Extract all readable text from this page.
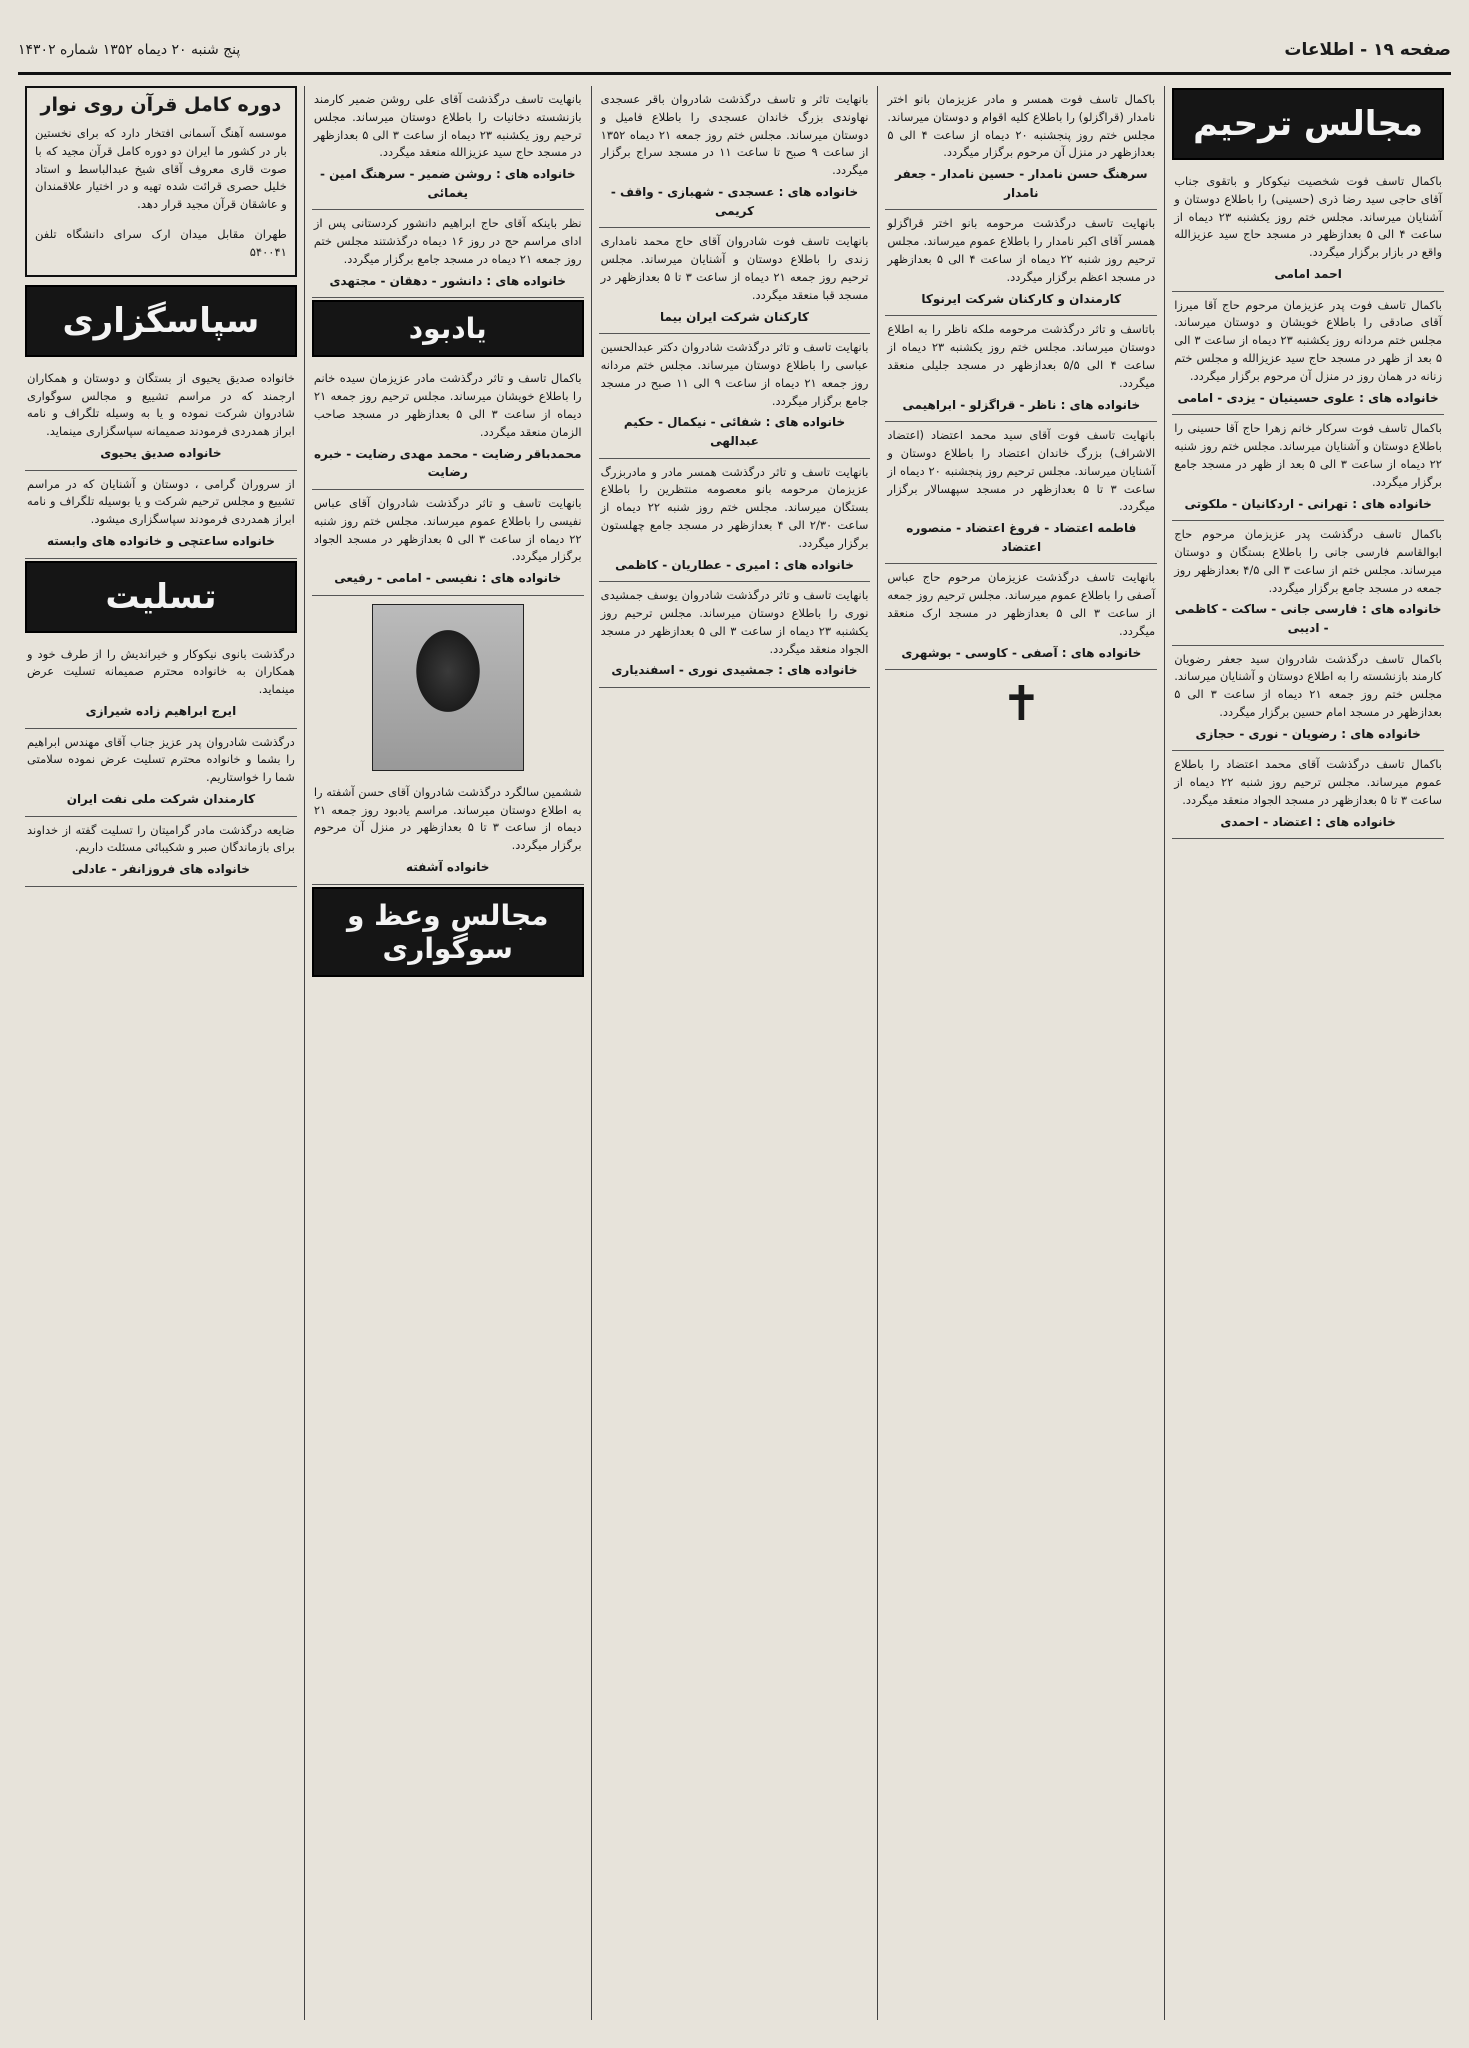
صفحه ۱۹ - اطلاعات
پنج شنبه ۲۰ دیماه ۱۳۵۲ شماره ۱۴۳۰۲
مجالس ترحیم
باکمال تاسف فوت شخصیت نیکوکار و باتقوی جناب آقای حاجی سید رضا ذری (حسینی) را باطلاع دوستان و آشنایان میرساند. مجلس ختم روز یکشنبه ۲۳ دیماه از ساعت ۴ الی ۵ بعدازظهر در مسجد حاج سید عزیزالله واقع در بازار برگزار میگردد.
احمد امامی
باکمال تاسف فوت پدر عزیزمان مرحوم حاج آقا میرزا آقای صادقی را باطلاع خویشان و دوستان میرساند. مجلس ختم مردانه روز یکشنبه ۲۳ دیماه از ساعت ۳ الی ۵ بعد از ظهر در مسجد حاج سید عزیزالله و مجلس ختم زنانه در همان روز در منزل آن مرحوم برگزار میگردد.
خانواده های : علوی حسینیان - یزدی - امامی
باکمال تاسف فوت سرکار خانم زهرا حاج آقا حسینی را باطلاع دوستان و آشنایان میرساند. مجلس ختم روز شنبه ۲۲ دیماه از ساعت ۳ الی ۵ بعد از ظهر در مسجد جامع برگزار میگردد.
خانواده های : تهرانی - اردکانیان - ملکوتی
باکمال تاسف درگذشت پدر عزیزمان مرحوم حاج ابوالقاسم فارسی جانی را باطلاع بستگان و دوستان میرساند. مجلس ختم از ساعت ۳ الی ۴/۵ بعدازظهر روز جمعه در مسجد جامع برگزار میگردد.
خانواده های : فارسی جانی - ساکت - کاظمی - ادیبی
باکمال تاسف درگذشت شادروان سید جعفر رضویان کارمند بازنشسته را به اطلاع دوستان و آشنایان میرساند. مجلس ختم روز جمعه ۲۱ دیماه از ساعت ۳ الی ۵ بعدازظهر در مسجد امام حسین برگزار میگردد.
خانواده های : رضویان - نوری - حجازی
باکمال تاسف درگذشت آقای محمد اعتضاد را باطلاع عموم میرساند. مجلس ترحیم روز شنبه ۲۲ دیماه از ساعت ۳ تا ۵ بعدازظهر در مسجد الجواد منعقد میگردد.
خانواده های : اعتضاد - احمدی
باکمال تاسف فوت همسر و مادر عزیزمان بانو اختر نامدار (قراگزلو) را باطلاع کلیه اقوام و دوستان میرساند. مجلس ختم روز پنجشنبه ۲۰ دیماه از ساعت ۴ الی ۵ بعدازظهر در منزل آن مرحوم برگزار میگردد.
سرهنگ حسن نامدار - حسین نامدار - جعفر نامدار
بانهایت تاسف درگذشت مرحومه بانو اختر قراگزلو همسر آقای اکبر نامدار را باطلاع عموم میرساند. مجلس ترحیم روز شنبه ۲۲ دیماه از ساعت ۴ الی ۵ بعدازظهر در مسجد اعظم برگزار میگردد.
کارمندان و کارکنان شرکت ایرنوکا
باتاسف و تاثر درگذشت مرحومه ملکه ناظر را به اطلاع دوستان میرساند. مجلس ختم روز یکشنبه ۲۳ دیماه از ساعت ۴ الی ۵/۵ بعدازظهر در مسجد جلیلی منعقد میگردد.
خانواده های : ناظر - قراگزلو - ابراهیمی
بانهایت تاسف فوت آقای سید محمد اعتضاد (اعتضاد الاشراف) بزرگ خاندان اعتضاد را باطلاع دوستان و آشنایان میرساند. مجلس ترحیم روز پنجشنبه ۲۰ دیماه از ساعت ۳ تا ۵ بعدازظهر در مسجد سپهسالار برگزار میگردد.
فاطمه اعتضاد - فروغ اعتضاد - منصوره اعتضاد
بانهایت تاسف درگذشت عزیزمان مرحوم حاج عباس آصفی را باطلاع عموم میرساند. مجلس ترحیم روز جمعه از ساعت ۳ الی ۵ بعدازظهر در مسجد ارک منعقد میگردد.
خانواده های : آصفی - کاوسی - بوشهری
✝
بانهایت تاثر و تاسف درگذشت شادروان باقر عسجدی نهاوندی بزرگ خاندان عسجدی را باطلاع فامیل و دوستان میرساند. مجلس ختم روز جمعه ۲۱ دیماه ۱۳۵۲ از ساعت ۹ صبح تا ساعت ۱۱ در مسجد سراج برگزار میگردد.
خانواده های : عسجدی - شهبازی - واقف - کریمی
بانهایت تاسف فوت شادروان آقای حاج محمد نامداری زندی را باطلاع دوستان و آشنایان میرساند. مجلس ترحیم روز جمعه ۲۱ دیماه از ساعت ۳ تا ۵ بعدازظهر در مسجد قبا منعقد میگردد.
کارکنان شرکت ایران بیما
بانهایت تاسف و تاثر درگذشت شادروان دکتر عبدالحسین عباسی را باطلاع دوستان میرساند. مجلس ختم مردانه روز جمعه ۲۱ دیماه از ساعت ۹ الی ۱۱ صبح در مسجد جامع برگزار میگردد.
خانواده های : شفائی - نیکمال - حکیم عبدالهی
بانهایت تاسف و تاثر درگذشت همسر مادر و مادربزرگ عزیزمان مرحومه بانو معصومه منتظرین را باطلاع بستگان میرساند. مجلس ختم روز شنبه ۲۲ دیماه از ساعت ۲/۳۰ الی ۴ بعدازظهر در مسجد جامع چهلستون برگزار میگردد.
خانواده های : امیری - عطاریان - کاظمی
بانهایت تاسف و تاثر درگذشت شادروان یوسف جمشیدی نوری را باطلاع دوستان میرساند. مجلس ترحیم روز یکشنبه ۲۳ دیماه از ساعت ۳ الی ۵ بعدازظهر در مسجد الجواد منعقد میگردد.
خانواده های : جمشیدی نوری - اسفندیاری
بانهایت تاسف درگذشت آقای علی روشن ضمیر کارمند بازنشسته دخانیات را باطلاع دوستان میرساند. مجلس ترحیم روز یکشنبه ۲۳ دیماه از ساعت ۳ الی ۵ بعدازظهر در مسجد حاج سید عزیزالله منعقد میگردد.
خانواده های : روشن ضمیر - سرهنگ امین - یغمائی
نظر باینکه آقای حاج ابراهیم دانشور کردستانی پس از ادای مراسم حج در روز ۱۶ دیماه درگذشتند مجلس ختم روز جمعه ۲۱ دیماه در مسجد جامع برگزار میگردد.
خانواده های : دانشور - دهقان - مجتهدی
یادبود
باکمال تاسف و تاثر درگذشت مادر عزیزمان سیده خانم را باطلاع خویشان میرساند. مجلس ترحیم روز جمعه ۲۱ دیماه از ساعت ۳ الی ۵ بعدازظهر در مسجد صاحب الزمان منعقد میگردد.
محمدباقر رضایت - محمد مهدی رضایت - خبره رضایت
بانهایت تاسف و تاثر درگذشت شادروان آقای عباس نفیسی را باطلاع عموم میرساند. مجلس ختم روز شنبه ۲۲ دیماه از ساعت ۳ الی ۵ بعدازظهر در مسجد الجواد برگزار میگردد.
خانواده های : نفیسی - امامی - رفیعی
ششمین سالگرد درگذشت شادروان آقای حسن آشفته را به اطلاع دوستان میرساند. مراسم یادبود روز جمعه ۲۱ دیماه از ساعت ۳ تا ۵ بعدازظهر در منزل آن مرحوم برگزار میگردد.
خانواده آشفته
مجالس وعظ و سوگواری
دوره کامل قرآن روی نوار
موسسه آهنگ آسمانی افتخار دارد که برای نخستین بار در کشور ما ایران دو دوره کامل قرآن مجید که با صوت قاری معروف آقای شیخ عبدالباسط و استاد خلیل حصری قرائت شده تهیه و در اختیار علاقمندان و عاشقان قرآن مجید قرار دهد.
طهران مقابل میدان ارک سرای دانشگاه تلفن ۵۴۰۰۴۱
سپاسگزاری
خانواده صدیق یحیوی از بستگان و دوستان و همکاران ارجمند که در مراسم تشییع و مجالس سوگواری شادروان شرکت نموده و یا به وسیله تلگراف و نامه ابراز همدردی فرمودند صمیمانه سپاسگزاری مینماید.
خانواده صدیق یحیوی
از سروران گرامی ، دوستان و آشنایان که در مراسم تشییع و مجلس ترحیم شرکت و یا بوسیله تلگراف و نامه ابراز همدردی فرمودند سپاسگزاری میشود.
خانواده ساعتچی و خانواده های وابسته
تسلیت
درگذشت بانوی نیکوکار و خیراندیش را از طرف خود و همکاران به خانواده محترم صمیمانه تسلیت عرض مینماید.
ایرج ابراهیم زاده شیرازی
درگذشت شادروان پدر عزیز جناب آقای مهندس ابراهیم را بشما و خانواده محترم تسلیت عرض نموده سلامتی شما را خواستاریم.
کارمندان شرکت ملی نفت ایران
ضایعه درگذشت مادر گرامیتان را تسلیت گفته از خداوند برای بازماندگان صبر و شکیبائی مسئلت داریم.
خانواده های فروزانفر - عادلی
